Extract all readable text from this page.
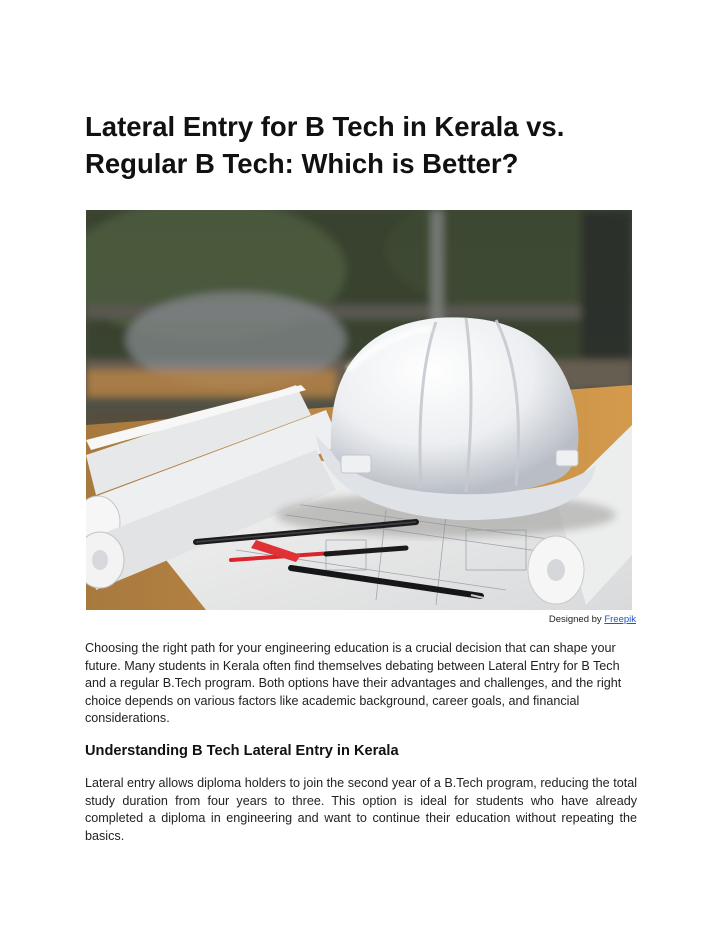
Lateral Entry for B Tech in Kerala vs. Regular B Tech: Which is Better?
Designed by Freepik

Choosing the right path for your engineering education is a crucial decision that can shape your future. Many students in Kerala often find themselves debating between Lateral Entry for B Tech and a regular B.Tech program. Both options have their advantages and challenges, and the right choice depends on various factors like academic background, career goals, and financial considerations.

Understanding B Tech Lateral Entry in Kerala

Lateral entry allows diploma holders to join the second year of a B.Tech program, reducing the total study duration from four years to three. This option is ideal for students who have already completed a diploma in engineering and want to continue their education without repeating the basics.
